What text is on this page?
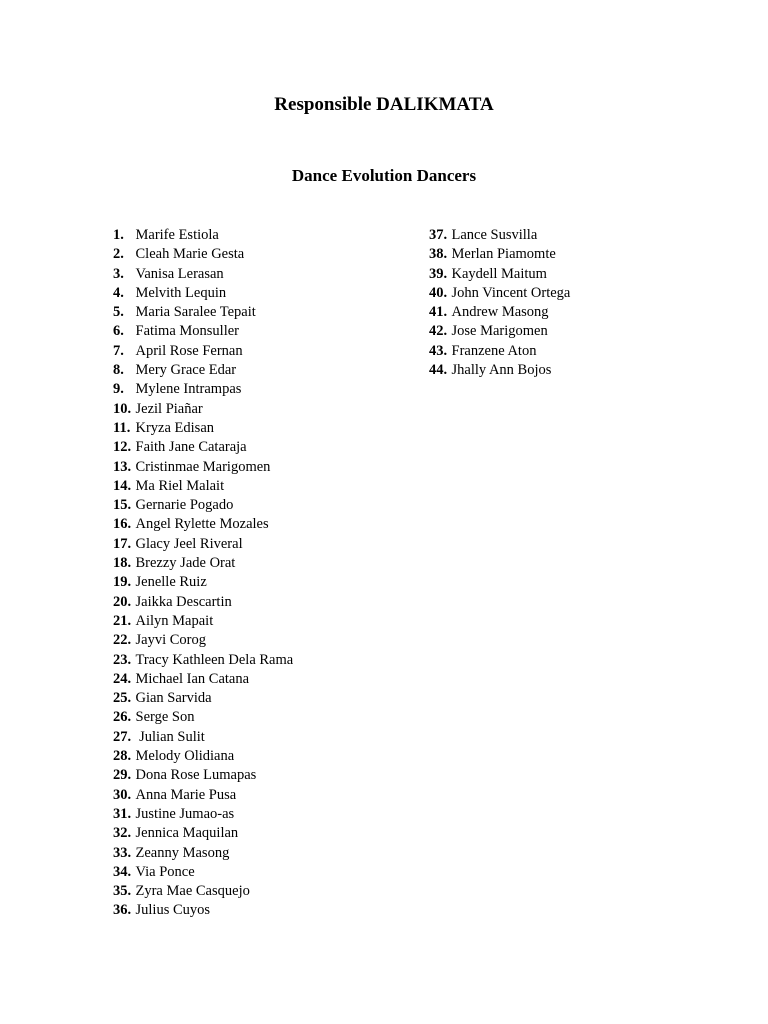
Responsible DALIKMATA
Dance Evolution Dancers
1. Marife Estiola
2. Cleah Marie Gesta
3. Vanisa Lerasan
4. Melvith Lequin
5. Maria Saralee Tepait
6. Fatima Monsuller
7. April Rose Fernan
8. Mery Grace Edar
9. Mylene Intrampas
10. Jezil Piañar
11. Kryza Edisan
12. Faith Jane Cataraja
13. Cristinmae Marigomen
14. Ma Riel Malait
15. Gernarie Pogado
16. Angel Rylette Mozales
17. Glacy Jeel Riveral
18. Brezzy Jade Orat
19. Jenelle Ruiz
20. Jaikka Descartin
21. Ailyn Mapait
22. Jayvi Corog
23. Tracy Kathleen Dela Rama
24. Michael Ian Catana
25. Gian Sarvida
26. Serge Son
27. Julian Sulit
28. Melody Olidiana
29. Dona Rose Lumapas
30. Anna Marie Pusa
31. Justine Jumao-as
32. Jennica Maquilan
33. Zeanny Masong
34. Via Ponce
35. Zyra Mae Casquejo
36. Julius Cuyos
37. Lance Susvilla
38. Merlan Piamomte
39. Kaydell Maitum
40. John Vincent Ortega
41. Andrew Masong
42. Jose Marigomen
43. Franzene Aton
44. Jhally Ann Bojos
